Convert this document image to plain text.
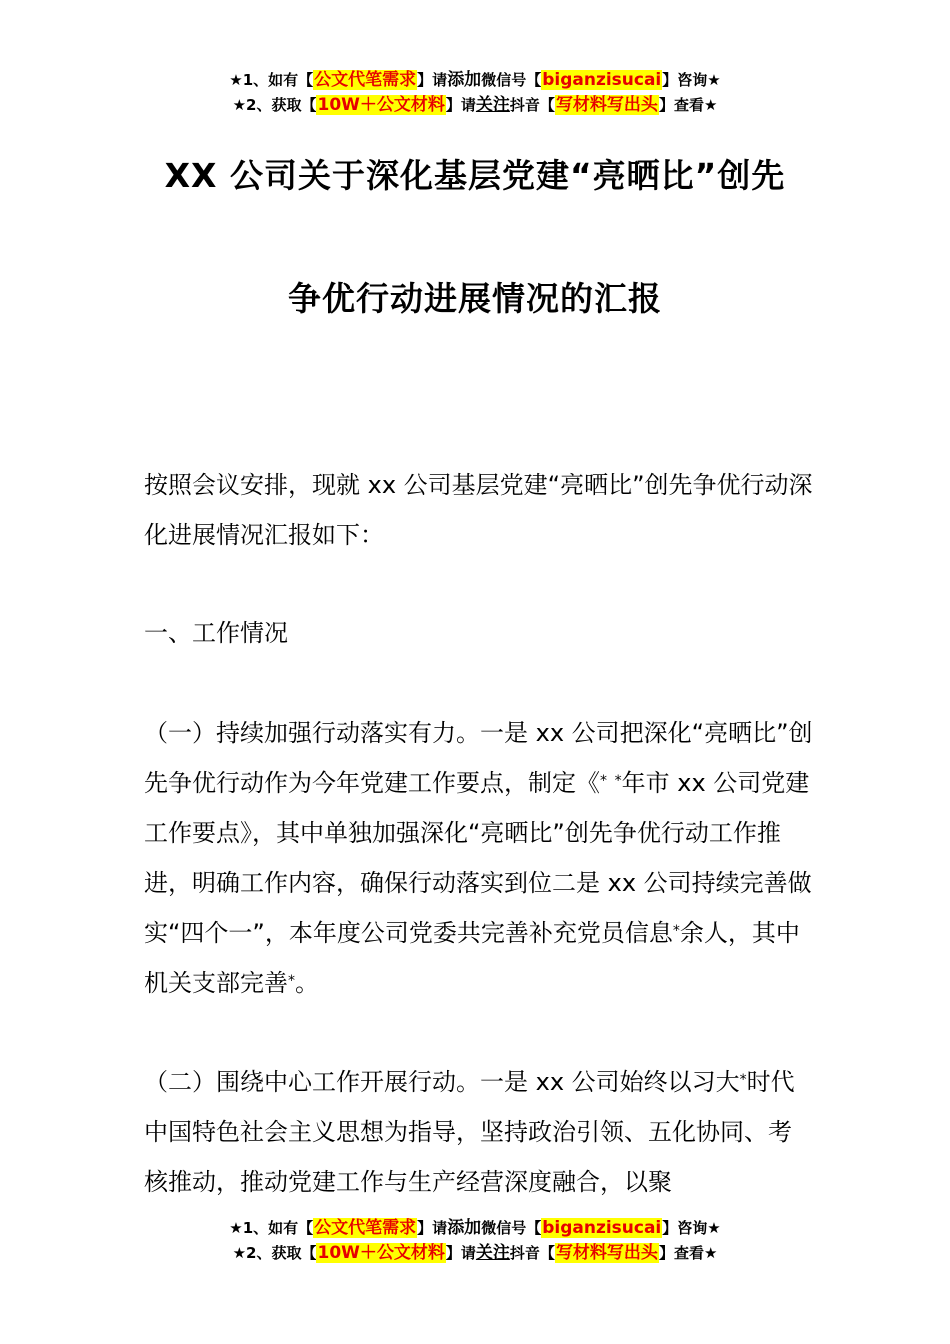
★1、如有【公文代笔需求】请添加微信号【biganzisucai】咨询★
★2、获取【10W＋公文材料】请关注抖音【写材料写出头】查看★
XX 公司关于深化基层党建“亮晒比”创先
争优行动进展情况的汇报

按照会议安排，现就 xx 公司基层党建“亮晒比”创先争优行动深化进展情况汇报如下：

一、工作情况

（一）持续加强行动落实有力。一是 xx 公司把深化“亮晒比”创先争优行动作为今年党建工作要点，制定《* *年市 xx 公司党建工作要点》，其中单独加强深化“亮晒比”创先争优行动工作推进，明确工作内容，确保行动落实到位二是 xx 公司持续完善做实“四个一”，本年度公司党委共完善补充党员信息*余人，其中机关支部完善*。

（二）围绕中心工作开展行动。一是 xx 公司始终以习大*时代中国特色社会主义思想为指导，坚持政治引领、五化协同、考核推动，推动党建工作与生产经营深度融合，以聚

★1、如有【公文代笔需求】请添加微信号【biganzisucai】咨询★
★2、获取【10W＋公文材料】请关注抖音【写材料写出头】查看★
